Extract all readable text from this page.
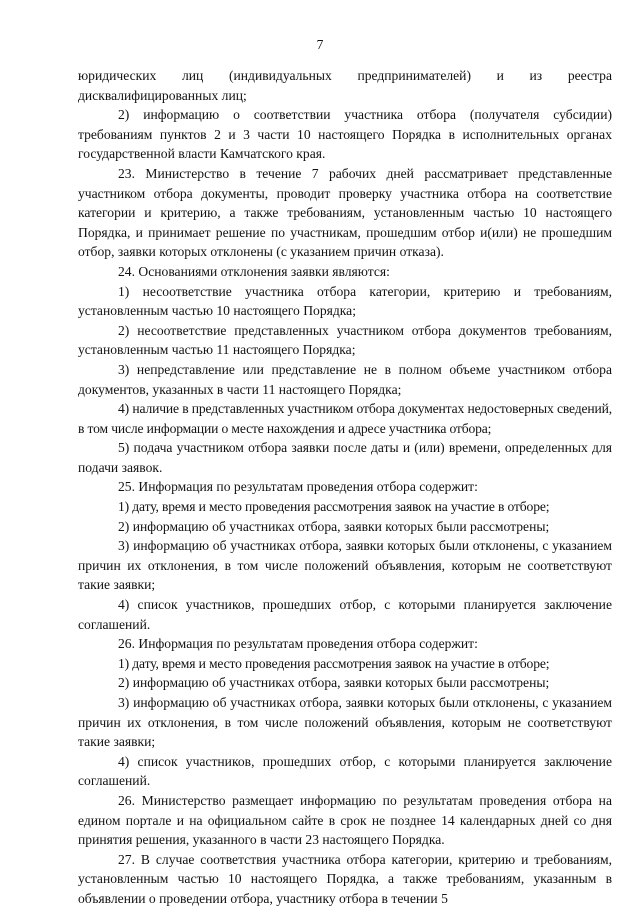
7

юридических лиц (индивидуальных предпринимателей) и из реестра дисквалифицированных лиц;

2) информацию о соответствии участника отбора (получателя субсидии) требованиям пунктов 2 и 3 части 10 настоящего Порядка в исполнительных органах государственной власти Камчатского края.

23. Министерство в течение 7 рабочих дней рассматривает представленные участником отбора документы, проводит проверку участника отбора на соответствие категории и критерию, а также требованиям, установленным частью 10 настоящего Порядка, и принимает решение по участникам, прошедшим отбор и(или) не прошедшим отбор, заявки которых отклонены (с указанием причин отказа).

24. Основаниями отклонения заявки являются:

1) несоответствие участника отбора категории, критерию и требованиям, установленным частью 10 настоящего Порядка;

2) несоответствие представленных участником отбора документов требованиям, установленным частью 11 настоящего Порядка;

3) непредставление или представление не в полном объеме участником отбора документов, указанных в части 11 настоящего Порядка;

4) наличие в представленных участником отбора документах недостоверных сведений, в том числе информации о месте нахождения и адресе участника отбора;

5) подача участником отбора заявки после даты и (или) времени, определенных для подачи заявок.

25. Информация по результатам проведения отбора содержит:

1) дату, время и место проведения рассмотрения заявок на участие в отборе;

2) информацию об участниках отбора, заявки которых были рассмотрены;

3) информацию об участниках отбора, заявки которых были отклонены, с указанием причин их отклонения, в том числе положений объявления, которым не соответствуют такие заявки;

4) список участников, прошедших отбор, с которыми планируется заключение соглашений.

26. Информация по результатам проведения отбора содержит:

1) дату, время и место проведения рассмотрения заявок на участие в отборе;

2) информацию об участниках отбора, заявки которых были рассмотрены;

3) информацию об участниках отбора, заявки которых были отклонены, с указанием причин их отклонения, в том числе положений объявления, которым не соответствуют такие заявки;

4) список участников, прошедших отбор, с которыми планируется заключение соглашений.

26. Министерство размещает информацию по результатам проведения отбора на едином портале и на официальном сайте в срок не позднее 14 календарных дней со дня принятия решения, указанного в части 23 настоящего Порядка.

27. В случае соответствия участника отбора категории, критерию и требованиям, установленным частью 10 настоящего Порядка, а также требованиям, указанным в объявлении о проведении отбора, участнику отбора в течении 5
